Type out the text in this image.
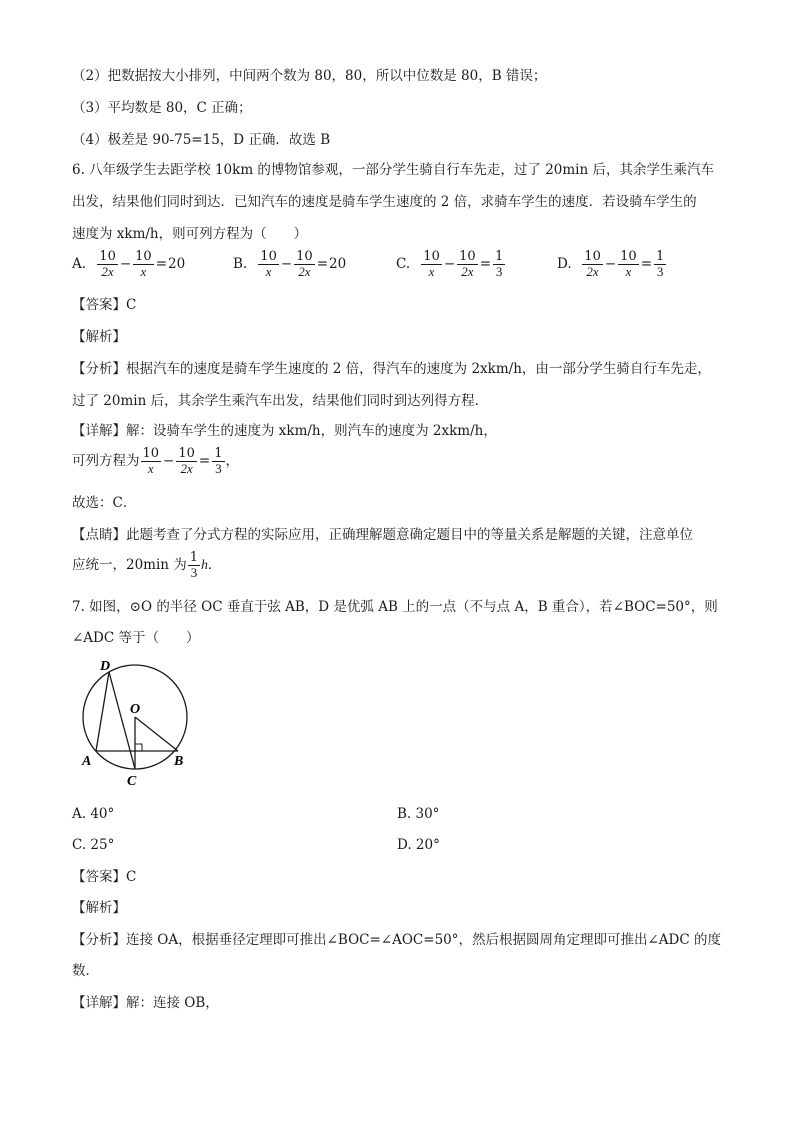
（2）把数据按大小排列，中间两个数为 80，80，所以中位数是 80，B 错误；
（3）平均数是 80，C 正确；
（4）极差是 90-75=15，D 正确．故选 B
6. 八年级学生去距学校 10km 的博物馆参观，一部分学生骑自行车先走，过了 20min 后，其余学生乘汽车
出发，结果他们同时到达．已知汽车的速度是骑车学生速度的 2 倍，求骑车学生的速度．若设骑车学生的
速度为 xkm/h，则可列方程为（　　）
A. $\frac{10}{2x} - \frac{10}{x} =20$	B. $\frac{10}{x} - \frac{10}{2x} =20$	C. $\frac{10}{x} - \frac{10}{2x} = \frac{1}{3}$	D. $\frac{10}{2x} - \frac{10}{x} = \frac{1}{3}$
【答案】C
【解析】
【分析】根据汽车的速度是骑车学生速度的 2 倍，得汽车的速度为 2xkm/h，由一部分学生骑自行车先走，
过了 20min 后，其余学生乘汽车出发，结果他们同时到达列得方程．
【详解】解：设骑车学生的速度为 xkm/h，则汽车的速度为 2xkm/h，
可列方程为 $\frac{10}{x} - \frac{10}{2x} = \frac{1}{3}$ ，
故选：C．
【点睛】此题考查了分式方程的实际应用，正确理解题意确定题目中的等量关系是解题的关键，注意单位
应统一，20min 为 $\frac{1}{3}$ h．
7. 如图，⊙O 的半径 OC 垂直于弦 AB，D 是优弧 AB 上的一点（不与点 A，B 重合），若∠BOC=50°，则
∠ADC 等于（　　）
D
O
A
C
B
A. 40°	B. 30°
C. 25°	D. 20°
【答案】C
【解析】
【分析】连接 OA，根据垂径定理即可推出∠BOC=∠AOC=50°，然后根据圆周角定理即可推出∠ADC 的度
数．
【详解】解：连接 OB，
